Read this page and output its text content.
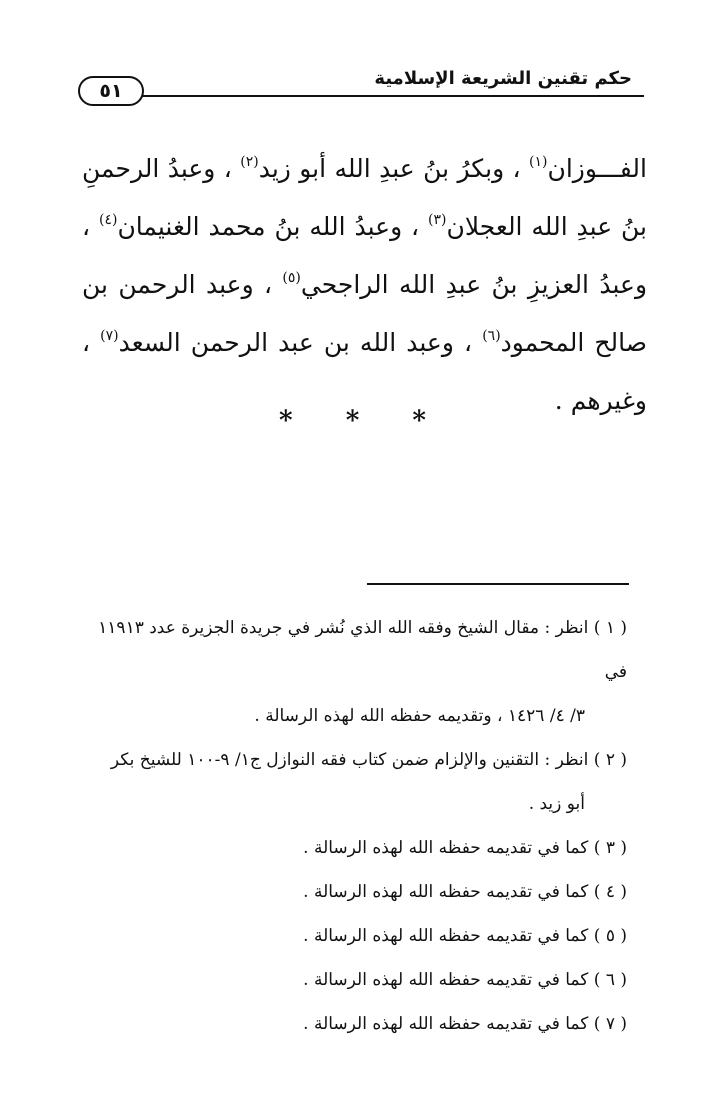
حكم تقنين الشريعة الإسلامية
٥١

الفـــوزان$^{(١)}$ ، وبكرُ بنُ عبدِ الله أبو زيد$^{(٢)}$ ، وعبدُ الرحمنِ بنُ عبدِ الله العجلان$^{(٣)}$ ، وعبدُ الله بنُ محمد الغنيمان$^{(٤)}$ ، وعبدُ العزيزِ بنُ عبدِ الله الراجحي$^{(٥)}$ ، وعبد الرحمن بن صالح المحمود$^{(٦)}$ ، وعبد الله بن عبد الرحمن السعد$^{(٧)}$ ، وغيرهم .

* * *
( ١ ) انظر : مقال الشيخ وفقه الله الذي نُشر في جريدة الجزيرة عدد ١١٩١٣ في
٣/ ٤/ ١٤٢٦ ، وتقديمه حفظه الله لهذه الرسالة .
( ٢ ) انظر : التقنين والإلزام ضمن كتاب فقه النوازل ج١/ ٩-١٠٠ للشيخ بكر
أبو زيد .
( ٣ ) كما في تقديمه حفظه الله لهذه الرسالة .
( ٤ ) كما في تقديمه حفظه الله لهذه الرسالة .
( ٥ ) كما في تقديمه حفظه الله لهذه الرسالة .
( ٦ ) كما في تقديمه حفظه الله لهذه الرسالة .
( ٧ ) كما في تقديمه حفظه الله لهذه الرسالة .
